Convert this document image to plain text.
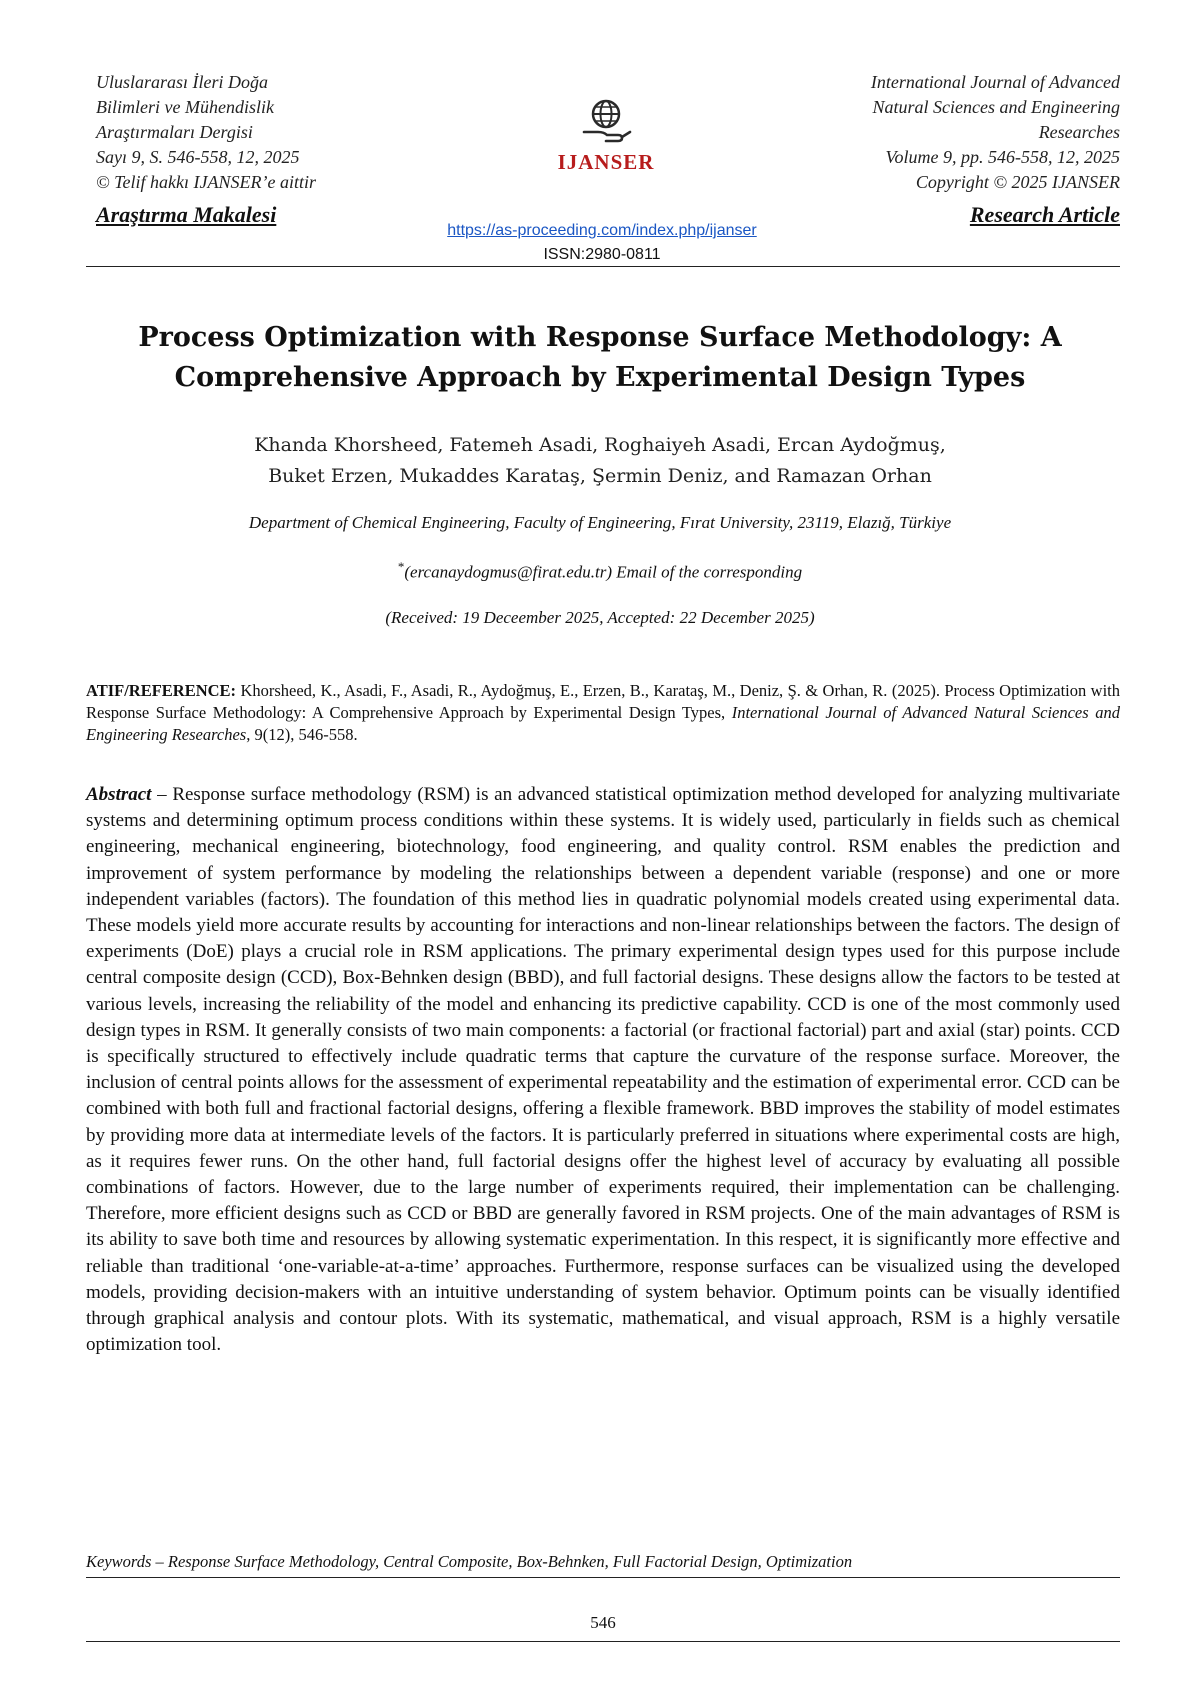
Uluslararası İleri Doğa
Bilimleri ve Mühendislik
Araştırmaları Dergisi
Sayı 9, S. 546-558, 12, 2025
© Telif hakkı IJANSER’e aittir
Araştırma Makalesi
IJANSER
https://as-proceeding.com/index.php/ijanser
ISSN:2980-0811
International Journal of Advanced
Natural Sciences and Engineering
Researches
Volume 9, pp. 546-558, 12, 2025
Copyright © 2025 IJANSER
Research Article
Process Optimization with Response Surface Methodology: A
Comprehensive Approach by Experimental Design Types
Khanda Khorsheed, Fatemeh Asadi, Roghaiyeh Asadi, Ercan Aydoğmuş,
Buket Erzen, Mukaddes Karataş, Şermin Deniz, and Ramazan Orhan
Department of Chemical Engineering, Faculty of Engineering, Fırat University, 23119, Elazığ, Türkiye
*(ercanaydogmus@firat.edu.tr) Email of the corresponding
(Received: 19 Deceember 2025, Accepted: 22 December 2025)
ATIF/REFERENCE: Khorsheed, K., Asadi, F., Asadi, R., Aydoğmuş, E., Erzen, B., Karataş, M., Deniz, Ş. & Orhan, R. (2025). Process Optimization with Response Surface Methodology: A Comprehensive Approach by Experimental Design Types, International Journal of Advanced Natural Sciences and Engineering Researches, 9(12), 546-558.
Abstract – Response surface methodology (RSM) is an advanced statistical optimization method developed for analyzing multivariate systems and determining optimum process conditions within these systems. It is widely used, particularly in fields such as chemical engineering, mechanical engineering, biotechnology, food engineering, and quality control. RSM enables the prediction and improvement of system performance by modeling the relationships between a dependent variable (response) and one or more independent variables (factors). The foundation of this method lies in quadratic polynomial models created using experimental data. These models yield more accurate results by accounting for interactions and non-linear relationships between the factors. The design of experiments (DoE) plays a crucial role in RSM applications. The primary experimental design types used for this purpose include central composite design (CCD), Box-Behnken design (BBD), and full factorial designs. These designs allow the factors to be tested at various levels, increasing the reliability of the model and enhancing its predictive capability. CCD is one of the most commonly used design types in RSM. It generally consists of two main components: a factorial (or fractional factorial) part and axial (star) points. CCD is specifically structured to effectively include quadratic terms that capture the curvature of the response surface. Moreover, the inclusion of central points allows for the assessment of experimental repeatability and the estimation of experimental error. CCD can be combined with both full and fractional factorial designs, offering a flexible framework. BBD improves the stability of model estimates by providing more data at intermediate levels of the factors. It is particularly preferred in situations where experimental costs are high, as it requires fewer runs. On the other hand, full factorial designs offer the highest level of accuracy by evaluating all possible combinations of factors. However, due to the large number of experiments required, their implementation can be challenging. Therefore, more efficient designs such as CCD or BBD are generally favored in RSM projects. One of the main advantages of RSM is its ability to save both time and resources by allowing systematic experimentation. In this respect, it is significantly more effective and reliable than traditional ‘one-variable-at-a-time’ approaches. Furthermore, response surfaces can be visualized using the developed models, providing decision-makers with an intuitive understanding of system behavior. Optimum points can be visually identified through graphical analysis and contour plots. With its systematic, mathematical, and visual approach, RSM is a highly versatile optimization tool.
Keywords – Response Surface Methodology, Central Composite, Box-Behnken, Full Factorial Design, Optimization
546
